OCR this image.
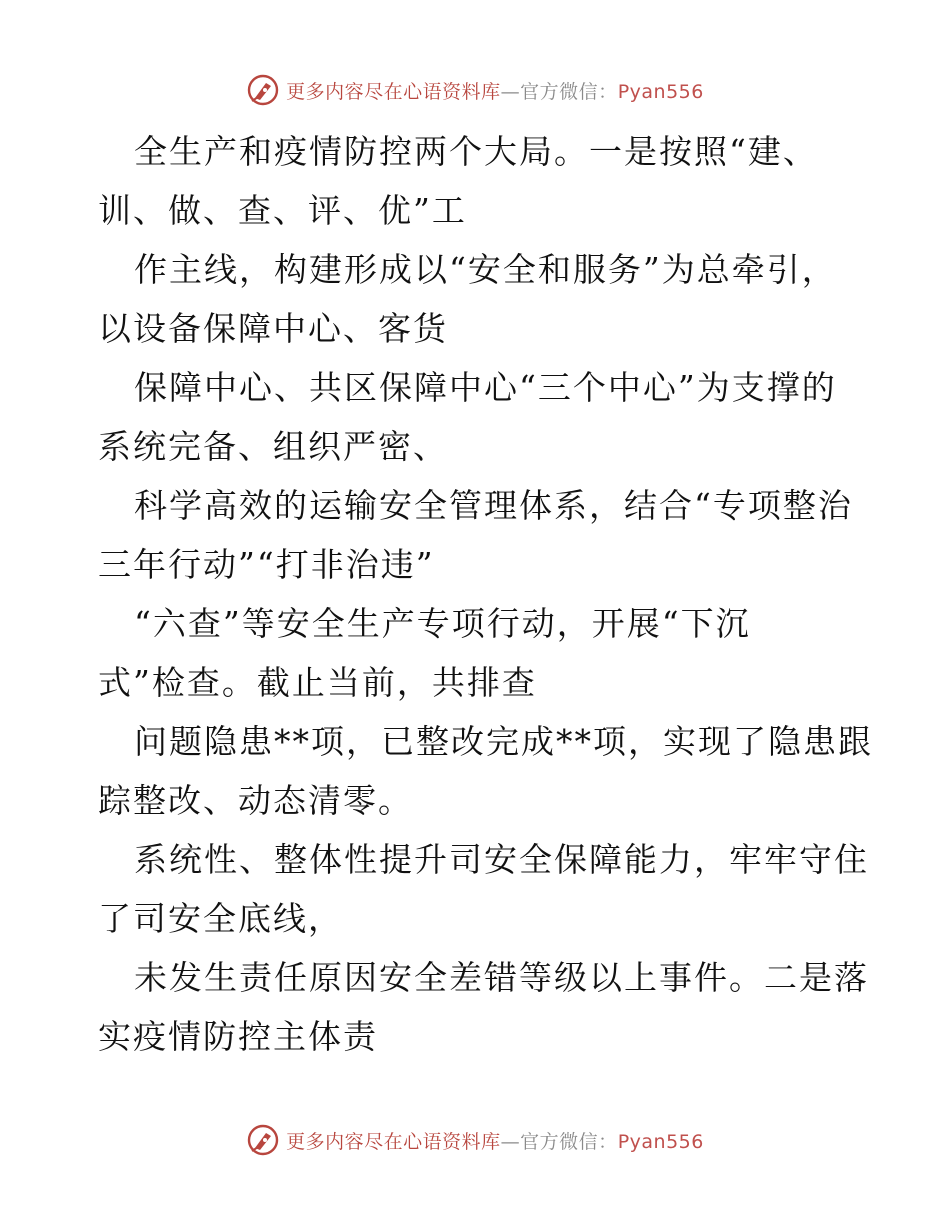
更多内容尽在心语资料库—官方微信：Pyan556
全生产和疫情防控两个大局。一是按照“建、
训、做、查、评、优”工
作主线，构建形成以“安全和服务”为总牵引，
以设备保障中心、客货
保障中心、共区保障中心“三个中心”为支撑的
系统完备、组织严密、
科学高效的运输安全管理体系，结合“专项整治
三年行动”“打非治违”
“六查”等安全生产专项行动，开展“下沉
式”检查。截止当前，共排查
问题隐患**项，已整改完成**项，实现了隐患跟
踪整改、动态清零。
系统性、整体性提升司安全保障能力，牢牢守住
了司安全底线，
未发生责任原因安全差错等级以上事件。二是落
实疫情防控主体责
更多内容尽在心语资料库—官方微信：Pyan556
